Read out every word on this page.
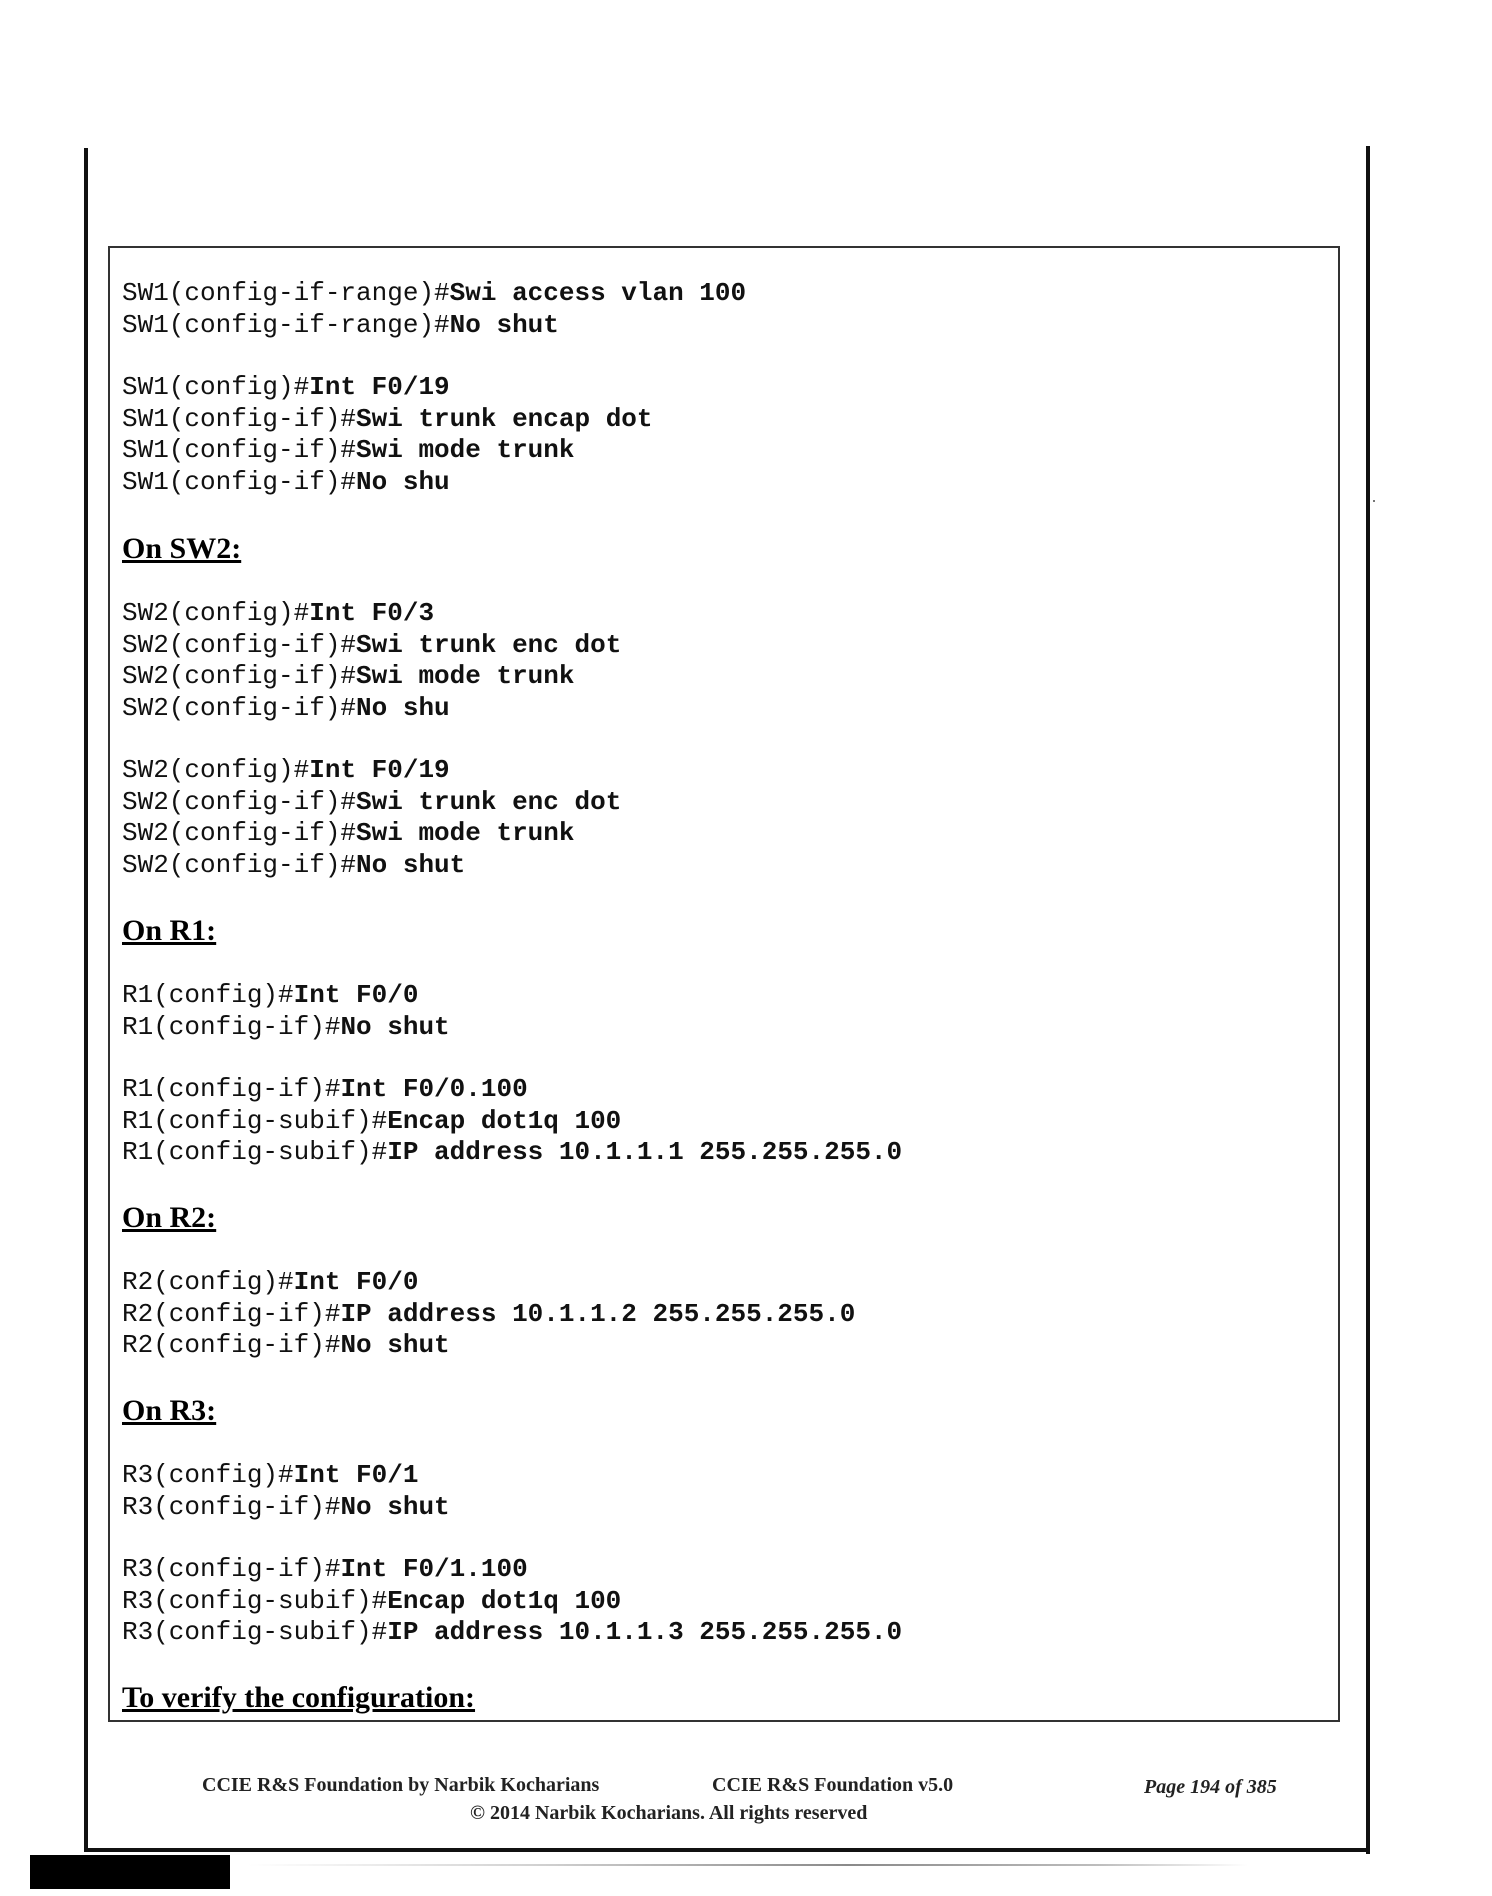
SW1(config-if-range)#Swi access vlan 100
SW1(config-if-range)#No shut
SW1(config)#Int F0/19
SW1(config-if)#Swi trunk encap dot
SW1(config-if)#Swi mode trunk
SW1(config-if)#No shu
On SW2:
SW2(config)#Int F0/3
SW2(config-if)#Swi trunk enc dot
SW2(config-if)#Swi mode trunk
SW2(config-if)#No shu
SW2(config)#Int F0/19
SW2(config-if)#Swi trunk enc dot
SW2(config-if)#Swi mode trunk
SW2(config-if)#No shut
On R1:
R1(config)#Int F0/0
R1(config-if)#No shut
R1(config-if)#Int F0/0.100
R1(config-subif)#Encap dot1q 100
R1(config-subif)#IP address 10.1.1.1 255.255.255.0
On R2:
R2(config)#Int F0/0
R2(config-if)#IP address 10.1.1.2 255.255.255.0
R2(config-if)#No shut
On R3:
R3(config)#Int F0/1
R3(config-if)#No shut
R3(config-if)#Int F0/1.100
R3(config-subif)#Encap dot1q 100
R3(config-subif)#IP address 10.1.1.3 255.255.255.0
To verify the configuration:
CCIE R&S Foundation by Narbik Kocharians	CCIE R&S Foundation v5.0	Page 194 of 385
© 2014 Narbik Kocharians. All rights reserved
